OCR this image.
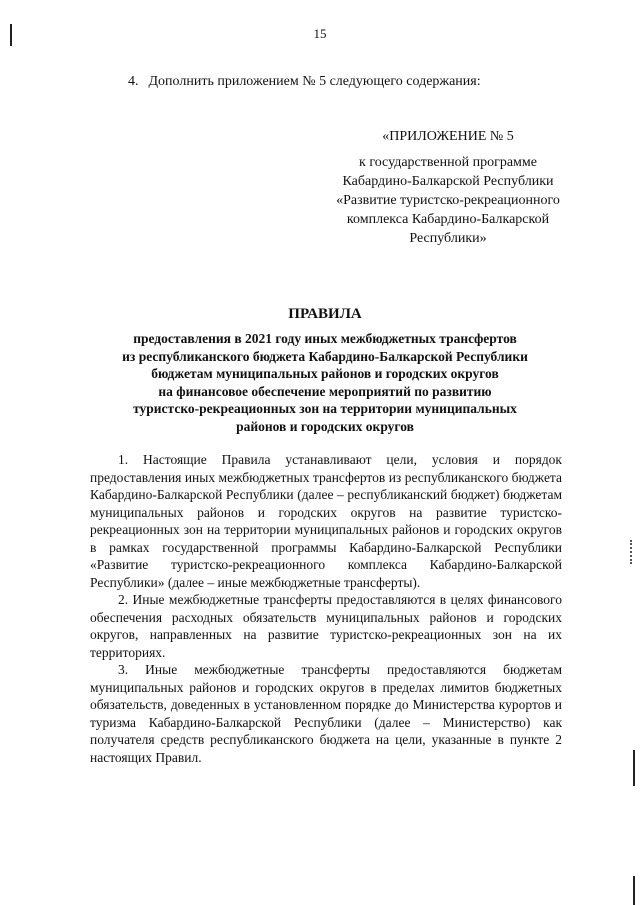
15
4. Дополнить приложением № 5 следующего содержания:
«ПРИЛОЖЕНИЕ № 5
к государственной программе
Кабардино-Балкарской Республики
«Развитие туристско-рекреационного
комплекса Кабардино-Балкарской
Республики»
ПРАВИЛА
предоставления в 2021 году иных межбюджетных трансфертов
из республиканского бюджета Кабардино-Балкарской Республики
бюджетам муниципальных районов и городских округов
на финансовое обеспечение мероприятий по развитию
туристско-рекреационных зон на территории муниципальных
районов и городских округов

1. Настоящие Правила устанавливают цели, условия и порядок предоставления иных межбюджетных трансфертов из республиканского бюджета Кабардино-Балкарской Республики (далее – республиканский бюджет) бюджетам муниципальных районов и городских округов на развитие туристско-рекреационных зон на территории муниципальных районов и городских округов в рамках государственной программы Кабардино-Балкарской Республики «Развитие туристско-рекреационного комплекса Кабардино-Балкарской Республики» (далее – иные межбюджетные трансферты).

2. Иные межбюджетные трансферты предоставляются в целях финансового обеспечения расходных обязательств муниципальных районов и городских округов, направленных на развитие туристско-рекреационных зон на их территориях.

3. Иные межбюджетные трансферты предоставляются бюджетам муниципальных районов и городских округов в пределах лимитов бюджетных обязательств, доведенных в установленном порядке до Министерства курортов и туризма Кабардино-Балкарской Республики (далее – Министерство) как получателя средств республиканского бюджета на цели, указанные в пункте 2 настоящих Правил.
